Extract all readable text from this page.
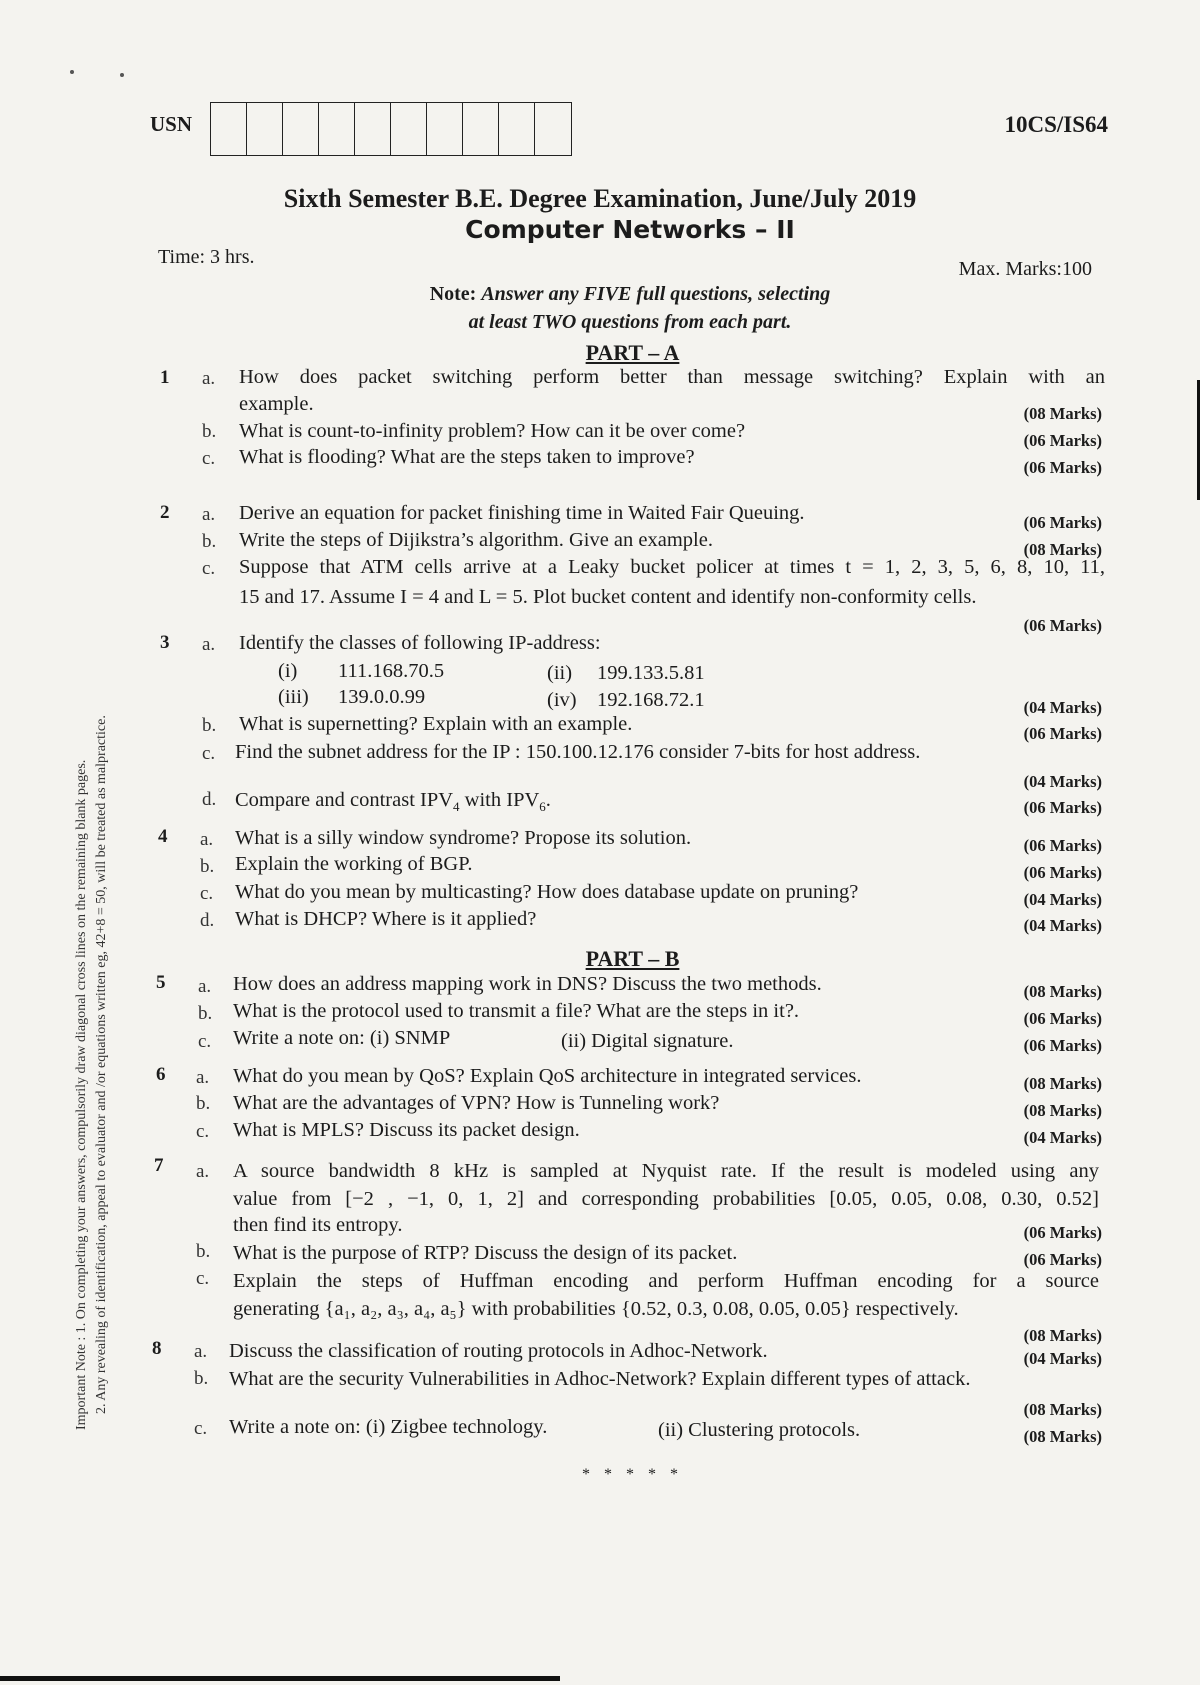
USN	10CS/IS64
Sixth Semester B.E. Degree Examination, June/July 2019
Computer Networks – II
Time: 3 hrs.
Max. Marks:100
Note: Answer any FIVE full questions, selecting
at least TWO questions from each part.
Important Note : 1. On completing your answers, compulsorily draw diagonal cross lines on the remaining blank pages. 2. Any revealing of identification, appeal to evaluator and /or equations written eg, 42+8 = 50, will be treated as malpractice.
PART – A
1 a. How does packet switching perform better than message switching? Explain with an
example.	(08 Marks)
b. What is count-to-infinity problem? How can it be over come?	(06 Marks)
c. What is flooding? What are the steps taken to improve?	(06 Marks)
2 a. Derive an equation for packet finishing time in Waited Fair Queuing.	(06 Marks)
b. Write the steps of Dijikstra’s algorithm. Give an example.	(08 Marks)
c. Suppose that ATM cells arrive at a Leaky bucket policer at times t = 1, 2, 3, 5, 6, 8, 10, 11,
15 and 17. Assume I = 4 and L = 5. Plot bucket content and identify non-conformity cells.
(06 Marks)
3 a. Identify the classes of following IP-address:
(i) 111.168.70.5	(ii) 199.133.5.81
(iii) 139.0.0.99	(iv) 192.168.72.1	(04 Marks)
b. What is supernetting? Explain with an example.	(06 Marks)
c. Find the subnet address for the IP : 150.100.12.176 consider 7-bits for host address.
(04 Marks)
d. Compare and contrast $IPV_4$ with $IPV_6$.	(06 Marks)
4 a. What is a silly window syndrome? Propose its solution.	(06 Marks)
b. Explain the working of BGP.	(06 Marks)
c. What do you mean by multicasting? How does database update on pruning?	(04 Marks)
d. What is DHCP? Where is it applied?	(04 Marks)
PART – B
5 a. How does an address mapping work in DNS? Discuss the two methods.	(08 Marks)
b. What is the protocol used to transmit a file? What are the steps in it?.	(06 Marks)
c. Write a note on: (i) SNMP	(ii) Digital signature.	(06 Marks)
6 a. What do you mean by QoS? Explain QoS architecture in integrated services.	(08 Marks)
b. What are the advantages of VPN? How is Tunneling work?	(08 Marks)
c. What is MPLS? Discuss its packet design.	(04 Marks)
7 a. A source bandwidth 8 kHz is sampled at Nyquist rate. If the result is modeled using any
value from [−2 , −1, 0, 1, 2] and corresponding probabilities [0.05, 0.05, 0.08, 0.30, 0.52]
then find its entropy.	(06 Marks)
b. What is the purpose of RTP? Discuss the design of its packet.	(06 Marks)
c. Explain the steps of Huffman encoding and perform Huffman encoding for a source
generating {a₁, a₂, a₃, a₄, a₅} with probabilities {0.52, 0.3, 0.08, 0.05, 0.05} respectively.
(08 Marks)
8 a. Discuss the classification of routing protocols in Adhoc-Network.	(04 Marks)
b. What are the security Vulnerabilities in Adhoc-Network? Explain different types of attack.
(08 Marks)
c. Write a note on: (i) Zigbee technology.	(ii) Clustering protocols.	(08 Marks)
* * * * *
